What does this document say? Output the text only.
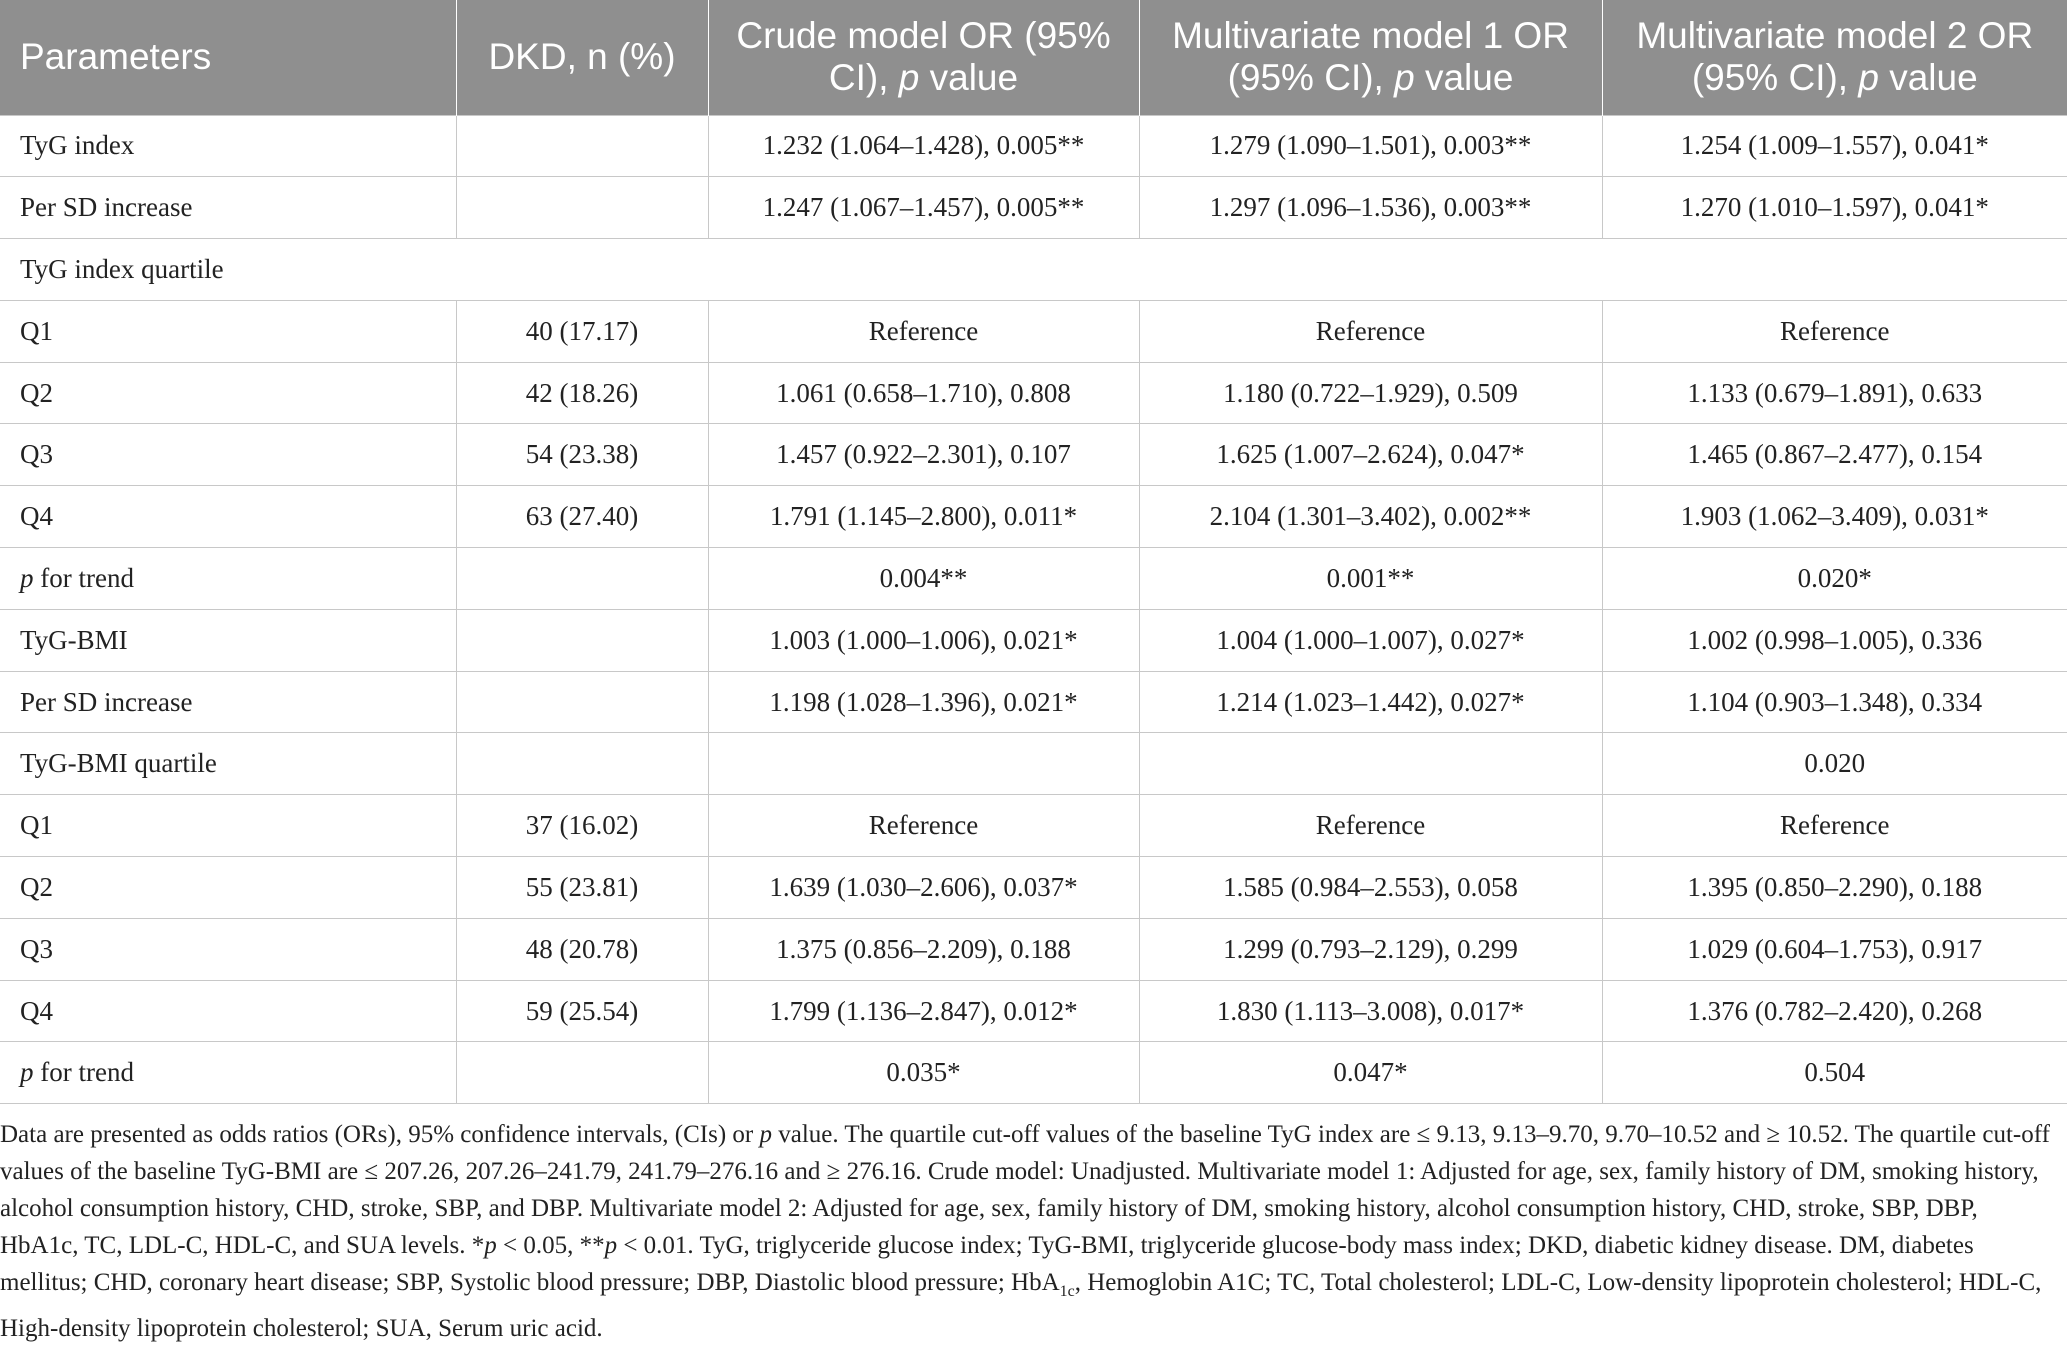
Parameters	DKD, n (%)	Crude model OR (95% CI), p value	Multivariate model 1 OR (95% CI), p value	Multivariate model 2 OR (95% CI), p value
TyG index		1.232 (1.064–1.428), 0.005**	1.279 (1.090–1.501), 0.003**	1.254 (1.009–1.557), 0.041*
Per SD increase		1.247 (1.067–1.457), 0.005**	1.297 (1.096–1.536), 0.003**	1.270 (1.010–1.597), 0.041*
TyG index quartile				
Q1	40 (17.17)	Reference	Reference	Reference
Q2	42 (18.26)	1.061 (0.658–1.710), 0.808	1.180 (0.722–1.929), 0.509	1.133 (0.679–1.891), 0.633
Q3	54 (23.38)	1.457 (0.922–2.301), 0.107	1.625 (1.007–2.624), 0.047*	1.465 (0.867–2.477), 0.154
Q4	63 (27.40)	1.791 (1.145–2.800), 0.011*	2.104 (1.301–3.402), 0.002**	1.903 (1.062–3.409), 0.031*
p for trend		0.004**	0.001**	0.020*
TyG-BMI		1.003 (1.000–1.006), 0.021*	1.004 (1.000–1.007), 0.027*	1.002 (0.998–1.005), 0.336
Per SD increase		1.198 (1.028–1.396), 0.021*	1.214 (1.023–1.442), 0.027*	1.104 (0.903–1.348), 0.334
TyG-BMI quartile				0.020
Q1	37 (16.02)	Reference	Reference	Reference
Q2	55 (23.81)	1.639 (1.030–2.606), 0.037*	1.585 (0.984–2.553), 0.058	1.395 (0.850–2.290), 0.188
Q3	48 (20.78)	1.375 (0.856–2.209), 0.188	1.299 (0.793–2.129), 0.299	1.029 (0.604–1.753), 0.917
Q4	59 (25.54)	1.799 (1.136–2.847), 0.012*	1.830 (1.113–3.008), 0.017*	1.376 (0.782–2.420), 0.268
p for trend		0.035*	0.047*	0.504

Data are presented as odds ratios (ORs), 95% confidence intervals, (CIs) or p value. The quartile cut-off values of the baseline TyG index are ≤ 9.13, 9.13–9.70, 9.70–10.52 and ≥ 10.52. The quartile cut-off values of the baseline TyG-BMI are ≤ 207.26, 207.26–241.79, 241.79–276.16 and ≥ 276.16. Crude model: Unadjusted. Multivariate model 1: Adjusted for age, sex, family history of DM, smoking history, alcohol consumption history, CHD, stroke, SBP, and DBP. Multivariate model 2: Adjusted for age, sex, family history of DM, smoking history, alcohol consumption history, CHD, stroke, SBP, DBP, HbA1c, TC, LDL-C, HDL-C, and SUA levels. *p < 0.05, **p < 0.01. TyG, triglyceride glucose index; TyG-BMI, triglyceride glucose-body mass index; DKD, diabetic kidney disease. DM, diabetes mellitus; CHD, coronary heart disease; SBP, Systolic blood pressure; DBP, Diastolic blood pressure; HbA$_{1c}$, Hemoglobin A1C; TC, Total cholesterol; LDL-C, Low-density lipoprotein cholesterol; HDL-C, High-density lipoprotein cholesterol; SUA, Serum uric acid.
